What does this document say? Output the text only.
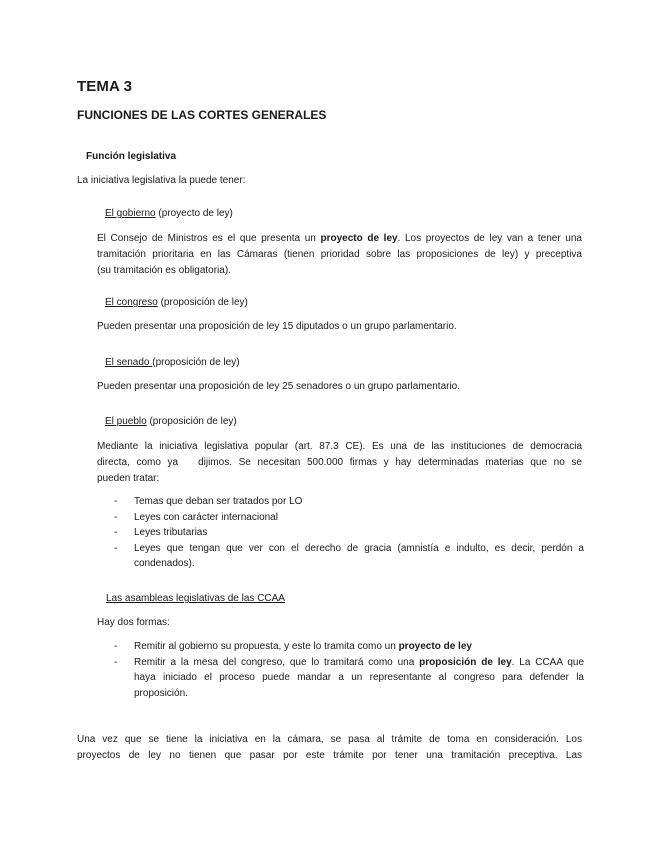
TEMA 3
FUNCIONES DE LAS CORTES GENERALES
Función legislativa
La iniciativa legislativa la puede tener:
El gobierno (proyecto de ley)
El Consejo de Ministros es el que presenta un proyecto de ley. Los proyectos de ley van a tener una
tramitación prioritaria en las Cámaras (tienen prioridad sobre las proposiciones de ley) y preceptiva
(su tramitación es obligatoria).
El congreso (proposición de ley)
Pueden presentar una proposición de ley 15 diputados o un grupo parlamentario.
El senado (proposición de ley)
Pueden presentar una proposición de ley 25 senadores o un grupo parlamentario.
El pueblo (proposición de ley)
Mediante la iniciativa legislativa popular (art. 87.3 CE). Es una de las instituciones de democracia
directa, como ya   dijimos. Se necesitan 500.000 firmas y hay determinadas materias que no se
pueden tratar:
- Temas que deban ser tratados por LO
- Leyes con carácter internacional
- Leyes tributarias
- Leyes que tengan que ver con el derecho de gracia (amnistía e indulto, es decir, perdón a
condenados).
Las asambleas legislativas de las CCAA
Hay dos formas:
- Remitir al gobierno su propuesta, y este lo tramita como un proyecto de ley
- Remitir a la mesa del congreso, que lo tramitará como una proposición de ley. La CCAA que
haya iniciado el proceso puede mandar a un representante al congreso para defender la
proposición.
Una vez que se tiene la iniciativa en la cámara, se pasa al trámite de toma en consideración. Los
proyectos de ley no tienen que pasar por este trámite por tener una tramitación preceptiva. Las
